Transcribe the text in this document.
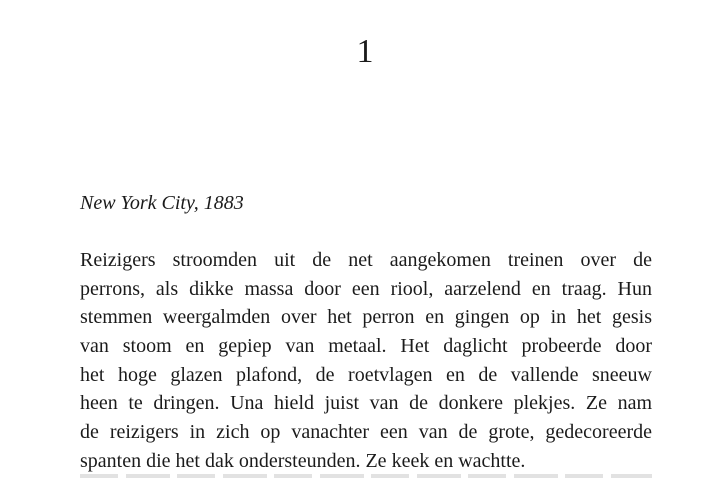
1
New York City, 1883
Reizigers stroomden uit de net aangekomen treinen over de
perrons, als dikke massa door een riool, aarzelend en traag. Hun
stemmen weergalmden over het perron en gingen op in het gesis
van stoom en gepiep van metaal. Het daglicht probeerde door
het hoge glazen plafond, de roetvlagen en de vallende sneeuw
heen te dringen. Una hield juist van de donkere plekjes. Ze nam
de reizigers in zich op vanachter een van de grote, gedecoreerde
spanten die het dak ondersteunden. Ze keek en wachtte.
